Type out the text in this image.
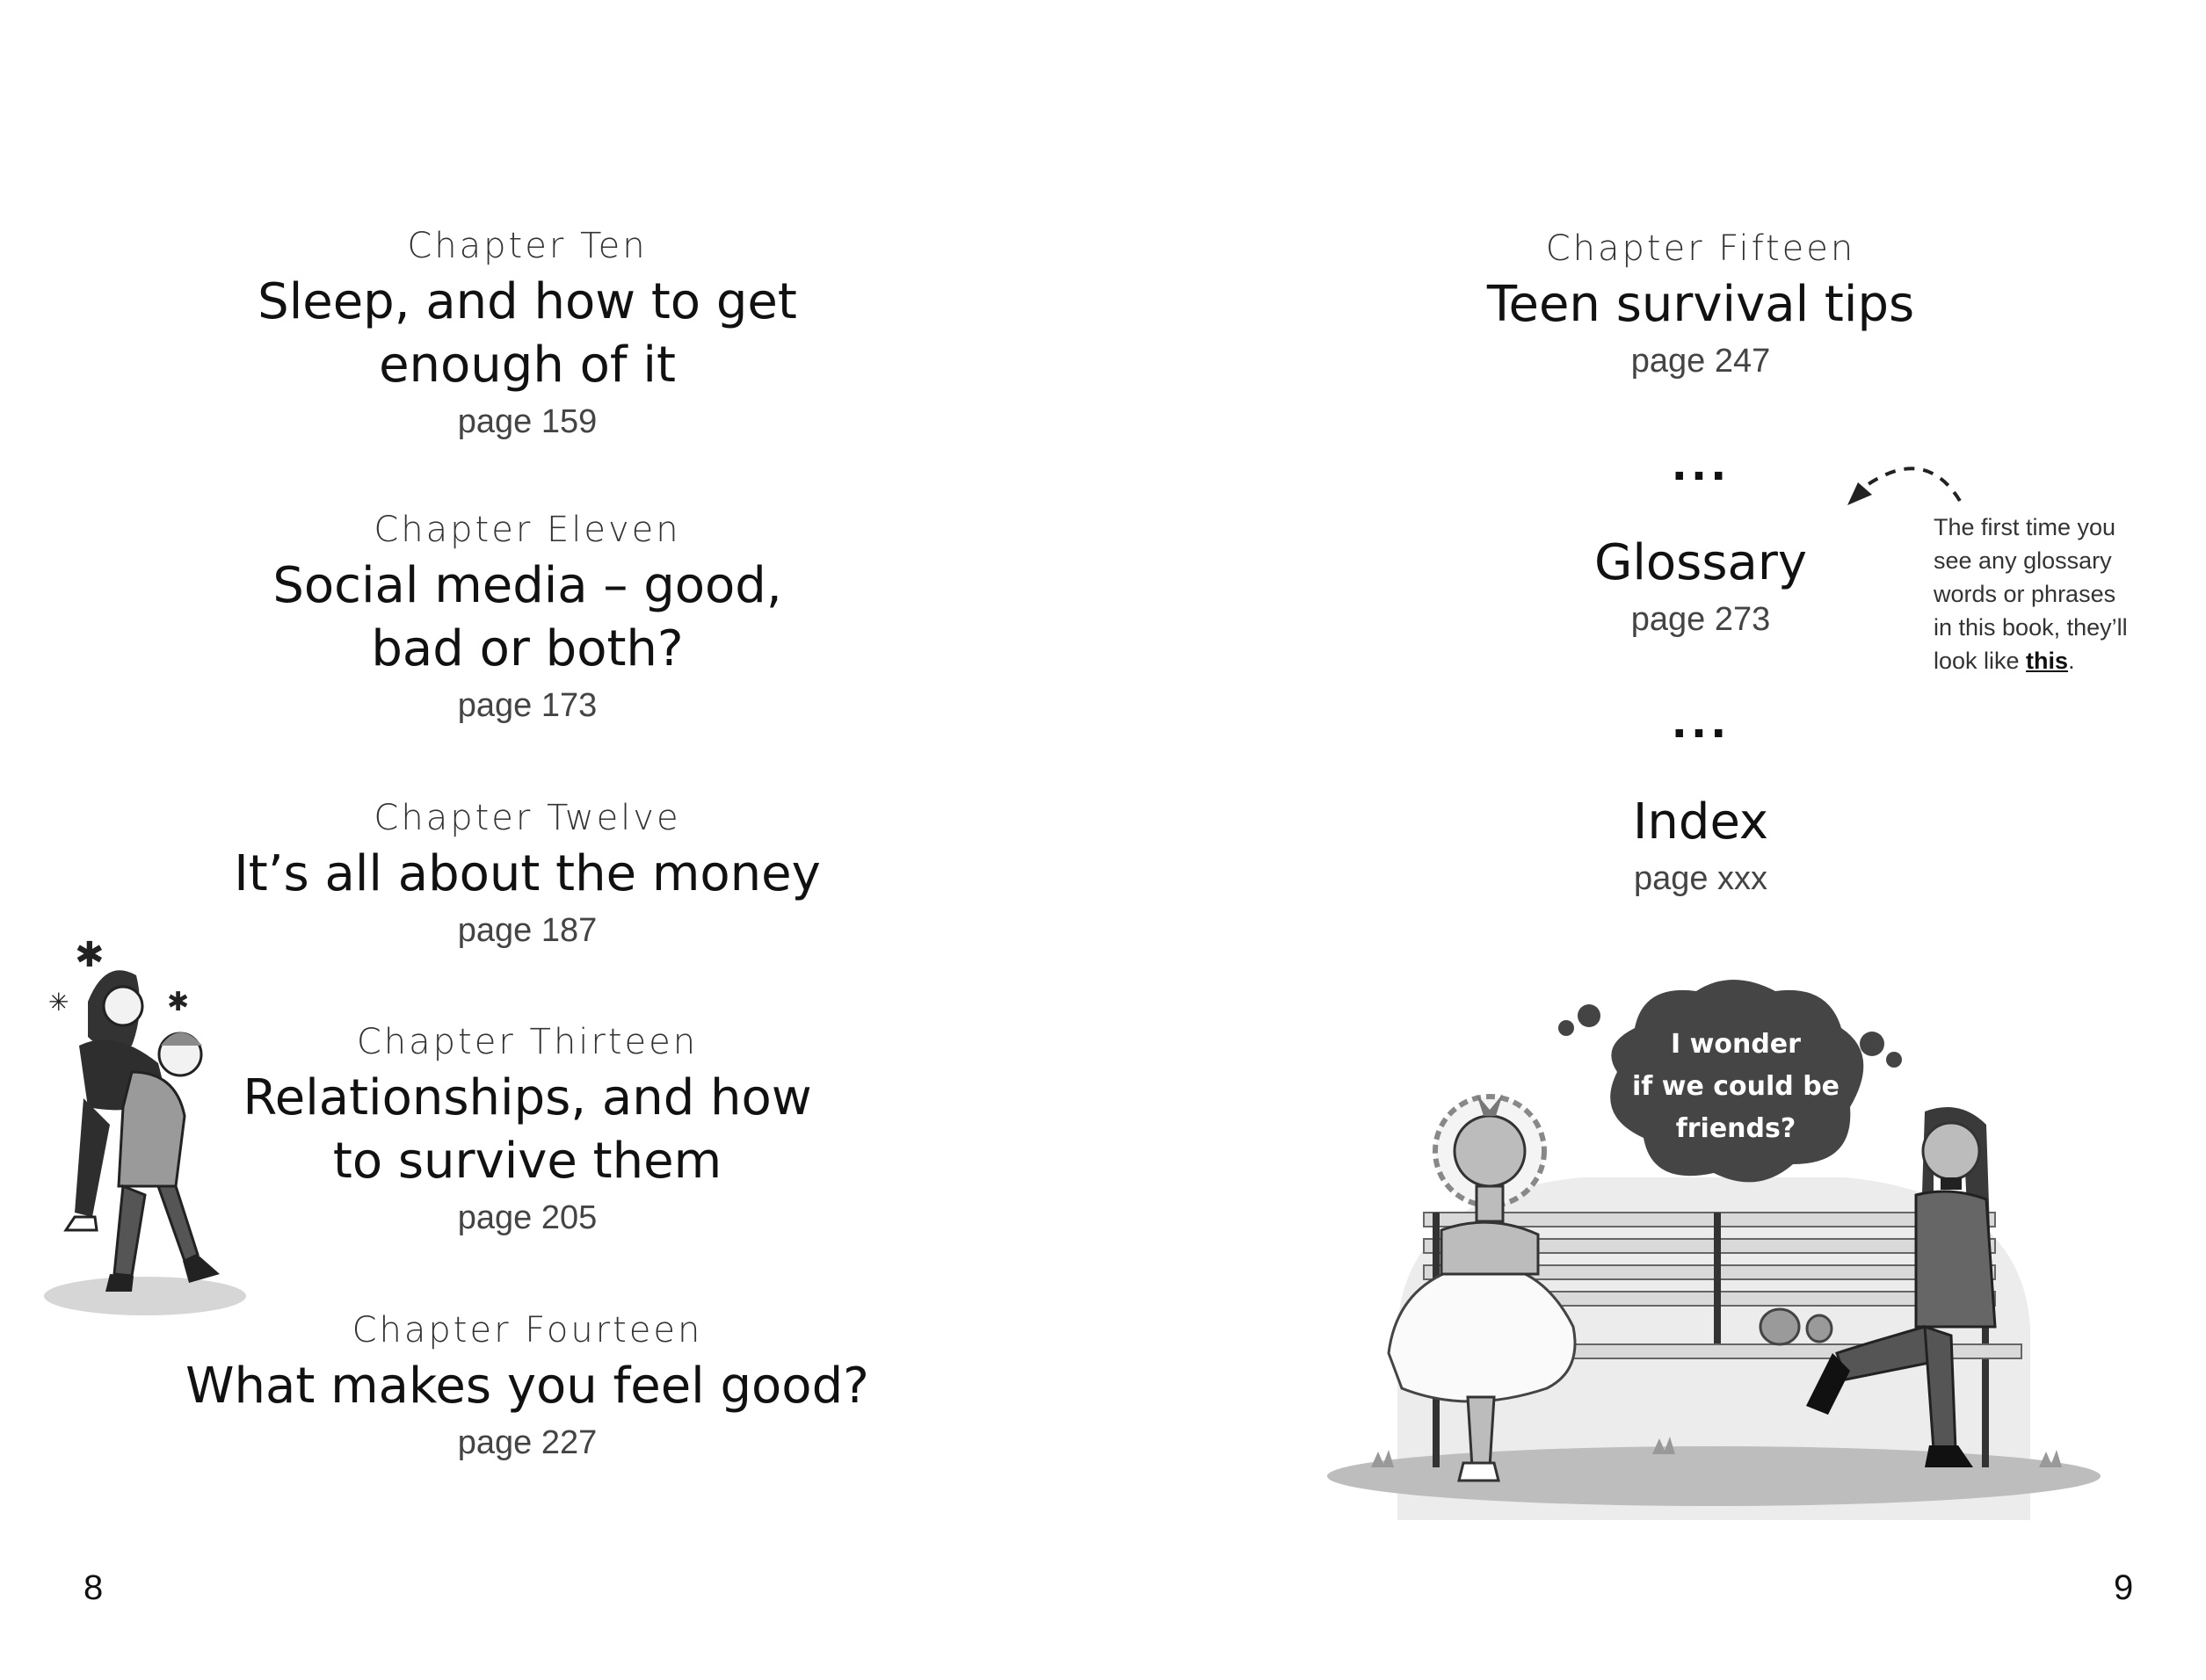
Chapter Ten
Sleep, and how to get
enough of it
page 159
Chapter Eleven
Social media – good,
bad or both?
page 173
Chapter Twelve
It’s all about the money
page 187
Chapter Thirteen
Relationships, and how
to survive them
page 205
Chapter Fourteen
What makes you feel good?
page 227
✱
✳	✱
8
Chapter Fifteen
Teen survival tips
page 247
...
Glossary
page 273
...
Index
page xxx
The first time you
see any glossary
words or phrases
in this book, they’ll
look like this.
I wonder
if we could be
friends?
9
